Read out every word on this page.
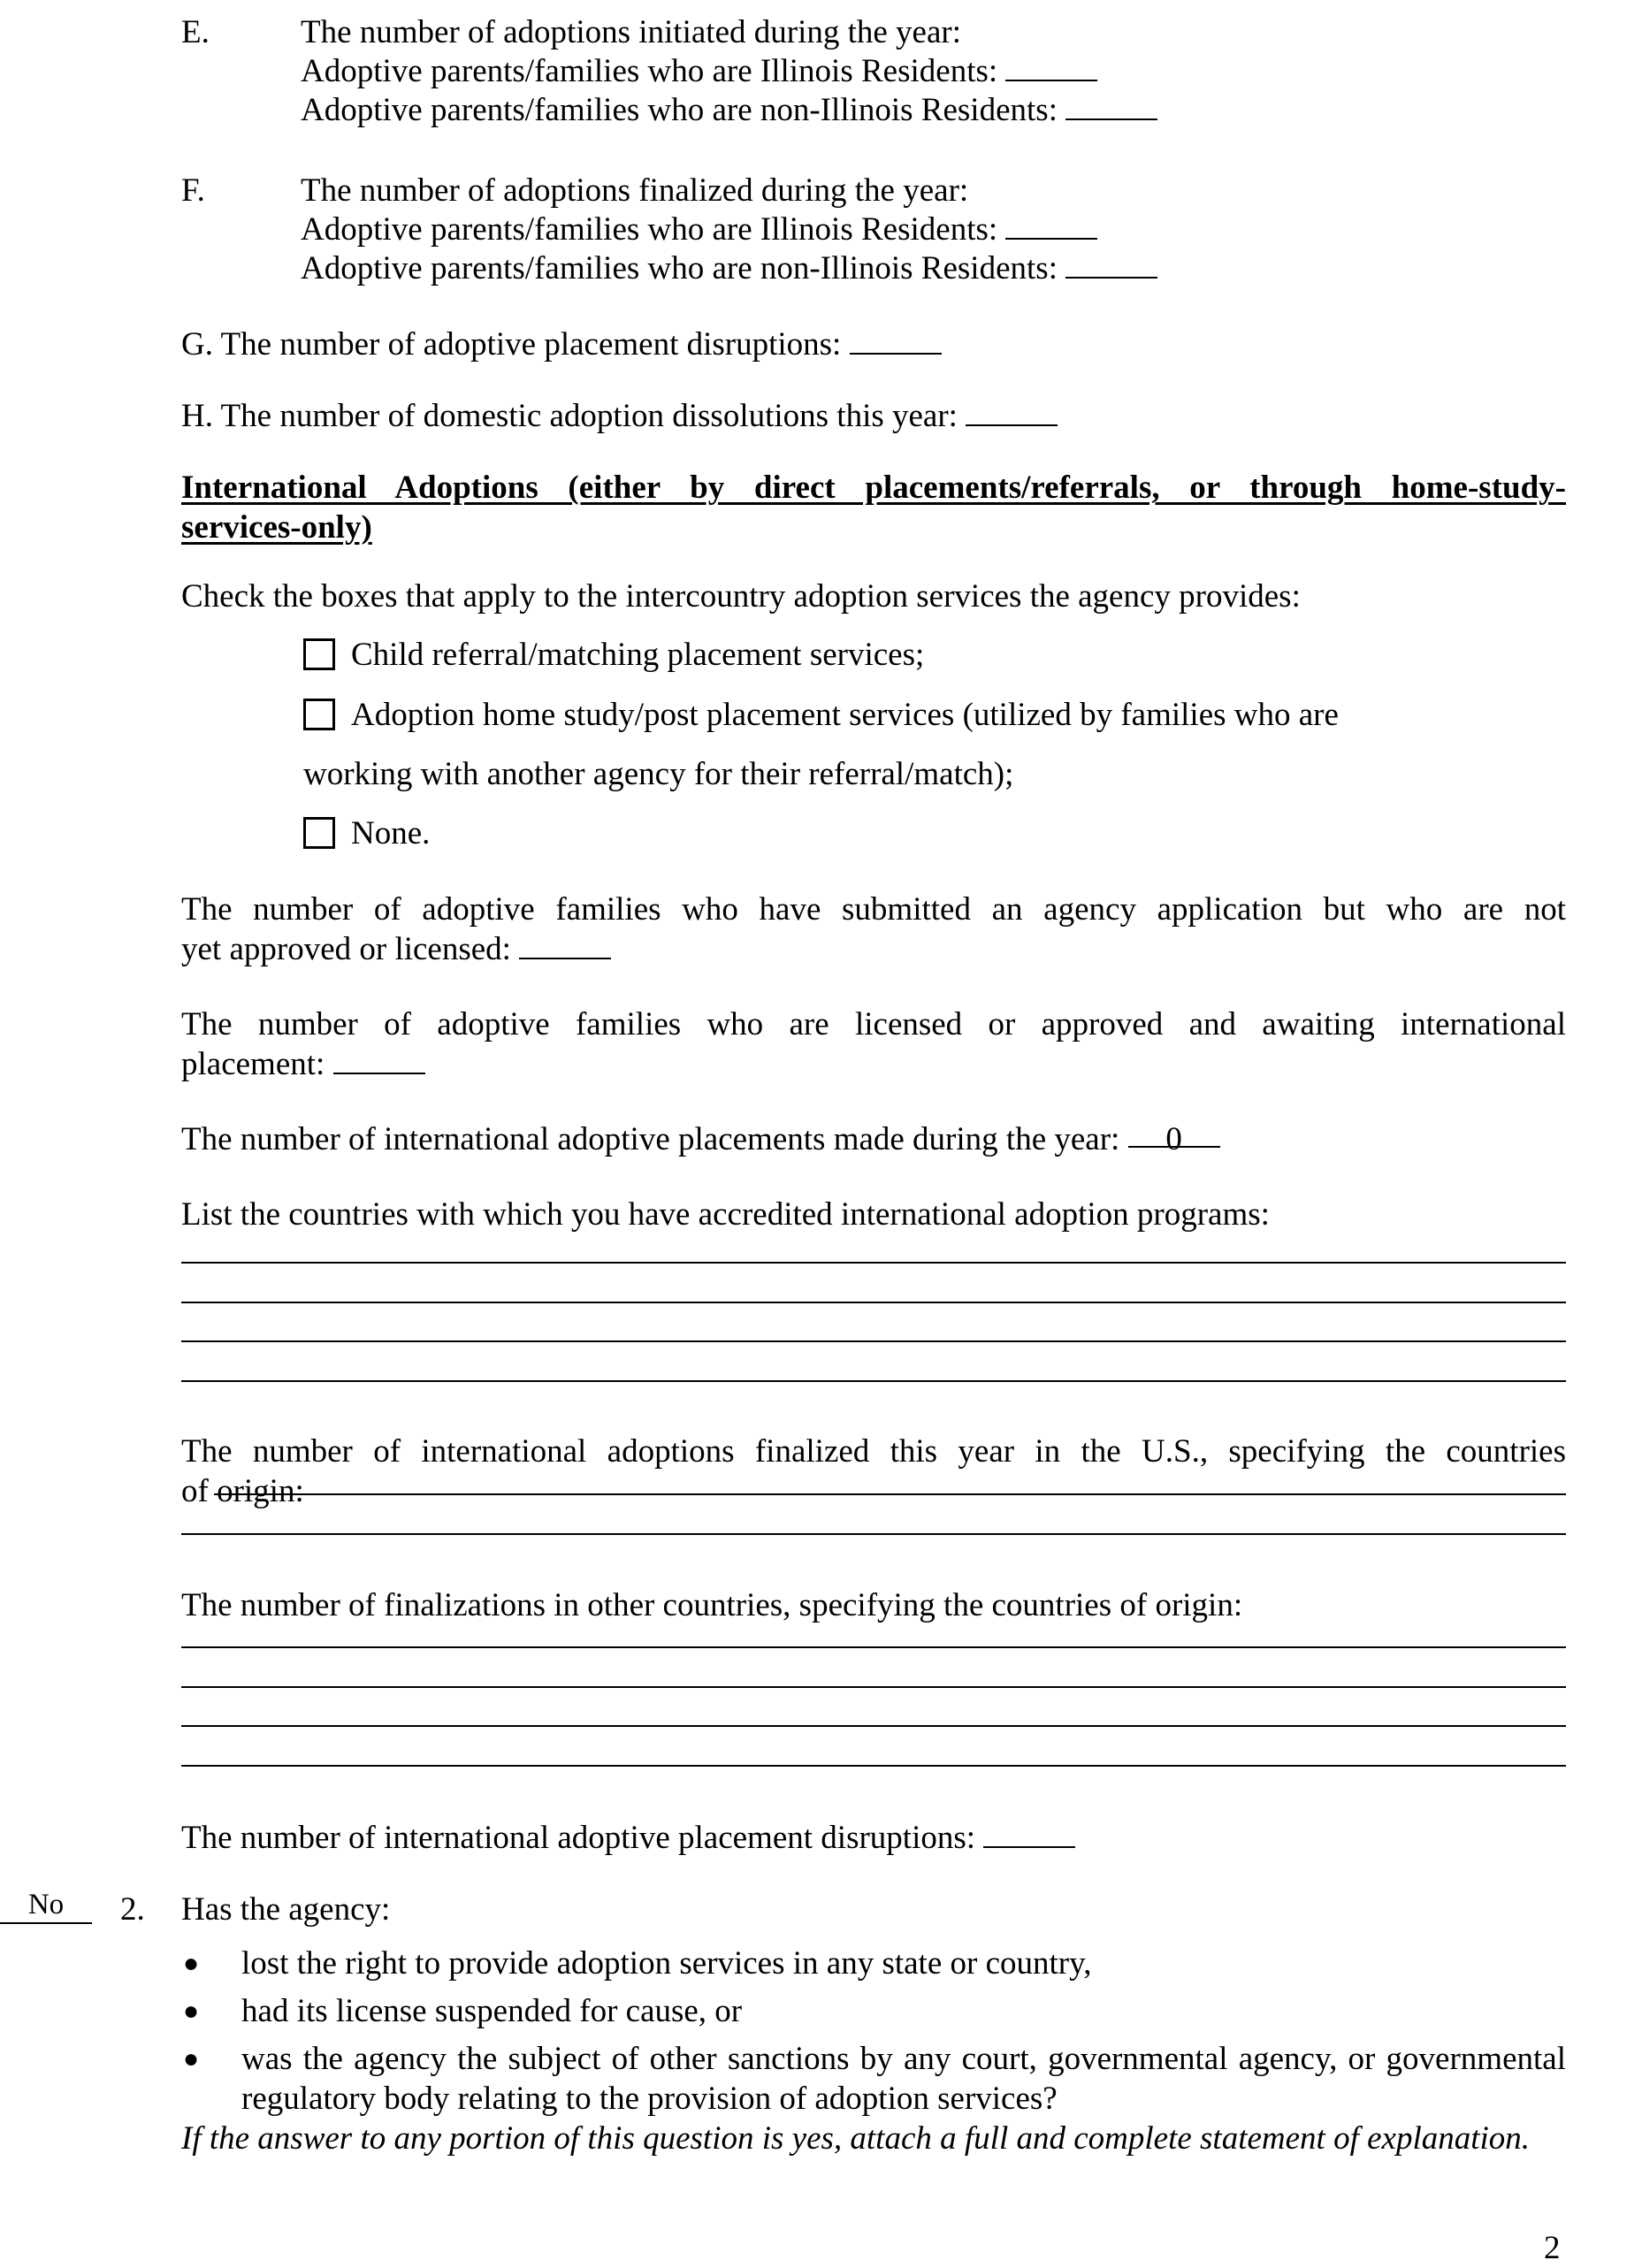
E.	The number of adoptions initiated during the year:
Adoptive parents/families who are Illinois Residents:
Adoptive parents/families who are non-Illinois Residents:
F.	The number of adoptions finalized during the year:
Adoptive parents/families who are Illinois Residents:
Adoptive parents/families who are non-Illinois Residents:
G. The number of adoptive placement disruptions:
H. The number of domestic adoption dissolutions this year:
International Adoptions (either by direct placements/referrals, or through home-study-
services-only)
Check the boxes that apply to the intercountry adoption services the agency provides:
Child referral/matching placement services;
Adoption home study/post placement services (utilized by families who are
working with another agency for their referral/match);
None.
The number of adoptive families who have submitted an agency application but who are not
yet approved or licensed:
The number of adoptive families who are licensed or approved and awaiting international
placement:
The number of international adoptive placements made during the year: 0
List the countries with which you have accredited international adoption programs:
The number of international adoptions finalized this year in the U.S., specifying the countries
of origin:
The number of finalizations in other countries, specifying the countries of origin:
The number of international adoptive placement disruptions:
No	2. Has the agency:
● lost the right to provide adoption services in any state or country,
● had its license suspended for cause, or
● was the agency the subject of other sanctions by any court, governmental agency, or governmental regulatory body relating to the provision of adoption services?
If the answer to any portion of this question is yes, attach a full and complete statement of explanation.
2
